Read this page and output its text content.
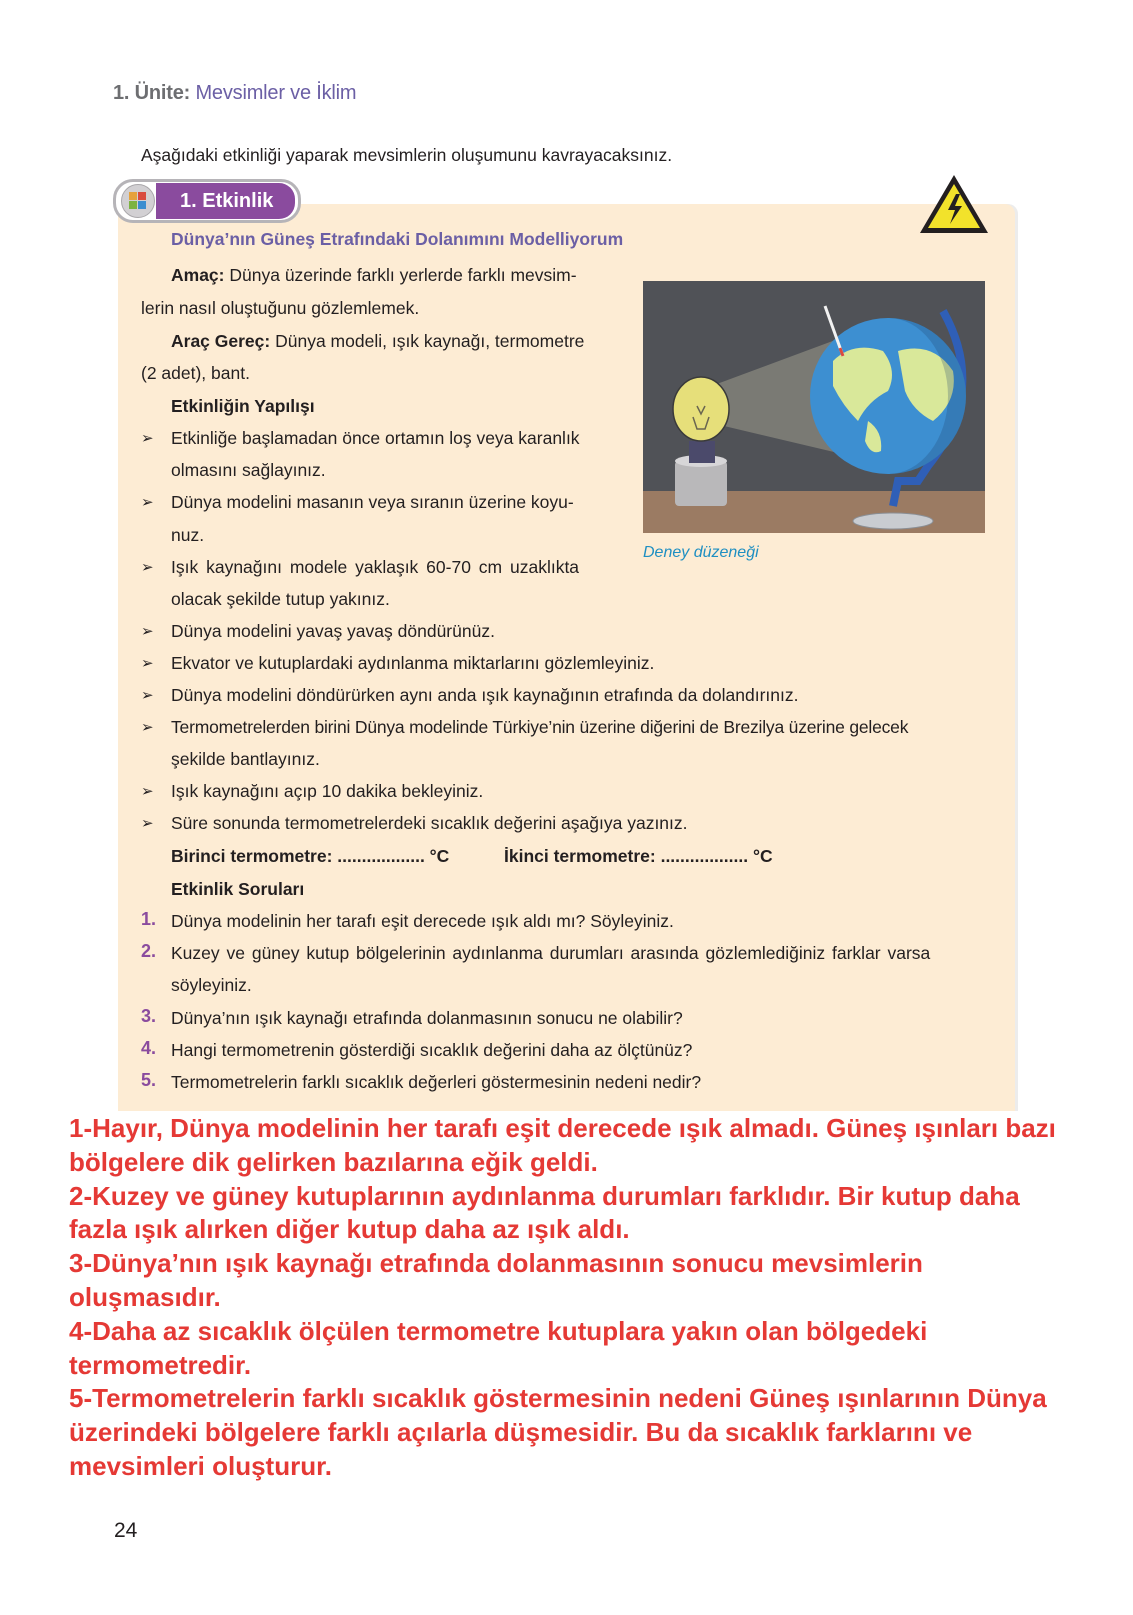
1. Ünite: Mevsimler ve İklim
Aşağıdaki etkinliği yaparak mevsimlerin oluşumunu kavrayacaksınız.
1. Etkinlik
Dünya’nın Güneş Etrafındaki Dolanımını Modelliyorum
Amaç: Dünya üzerinde farklı yerlerde farklı mevsim-
lerin nasıl oluştuğunu gözlemlemek.
Araç Gereç: Dünya modeli, ışık kaynağı, termometre
(2 adet), bant.
Etkinliğin Yapılışı
➢ Etkinliğe başlamadan önce ortamın loş veya karanlık
olmasını sağlayınız.
➢ Dünya modelini masanın veya sıranın üzerine koyu-
nuz.
➢ Işık kaynağını modele yaklaşık 60-70 cm uzaklıkta
olacak şekilde tutup yakınız.
➢ Dünya modelini yavaş yavaş döndürünüz.
➢ Ekvator ve kutuplardaki aydınlanma miktarlarını gözlemleyiniz.
➢ Dünya modelini döndürürken aynı anda ışık kaynağının etrafında da dolandırınız.
➢ Termometrelerden birini Dünya modelinde Türkiye’nin üzerine diğerini de Brezilya üzerine gelecek
şekilde bantlayınız.
➢ Işık kaynağını açıp 10 dakika bekleyiniz.
➢ Süre sonunda termometrelerdeki sıcaklık değerini aşağıya yazınız.
Birinci termometre: .................. °C	İkinci termometre: .................. °C
Etkinlik Soruları
1. Dünya modelinin her tarafı eşit derecede ışık aldı mı? Söyleyiniz.
2. Kuzey ve güney kutup bölgelerinin aydınlanma durumları arasında gözlemlediğiniz farklar varsa
söyleyiniz.
3. Dünya’nın ışık kaynağı etrafında dolanmasının sonucu ne olabilir?
4. Hangi termometrenin gösterdiği sıcaklık değerini daha az ölçtünüz?
5. Termometrelerin farklı sıcaklık değerleri göstermesinin nedeni nedir?
Deney düzeneği
1-Hayır, Dünya modelinin her tarafı eşit derecede ışık almadı. Güneş ışınları bazı
bölgelere dik gelirken bazılarına eğik geldi.
2-Kuzey ve güney kutuplarının aydınlanma durumları farklıdır. Bir kutup daha
fazla ışık alırken diğer kutup daha az ışık aldı.
3-Dünya’nın ışık kaynağı etrafında dolanmasının sonucu mevsimlerin
oluşmasıdır.
4-Daha az sıcaklık ölçülen termometre kutuplara yakın olan bölgedeki
termometredir.
5-Termometrelerin farklı sıcaklık göstermesinin nedeni Güneş ışınlarının Dünya
üzerindeki bölgelere farklı açılarla düşmesidir. Bu da sıcaklık farklarını ve
mevsimleri oluşturur.
24
